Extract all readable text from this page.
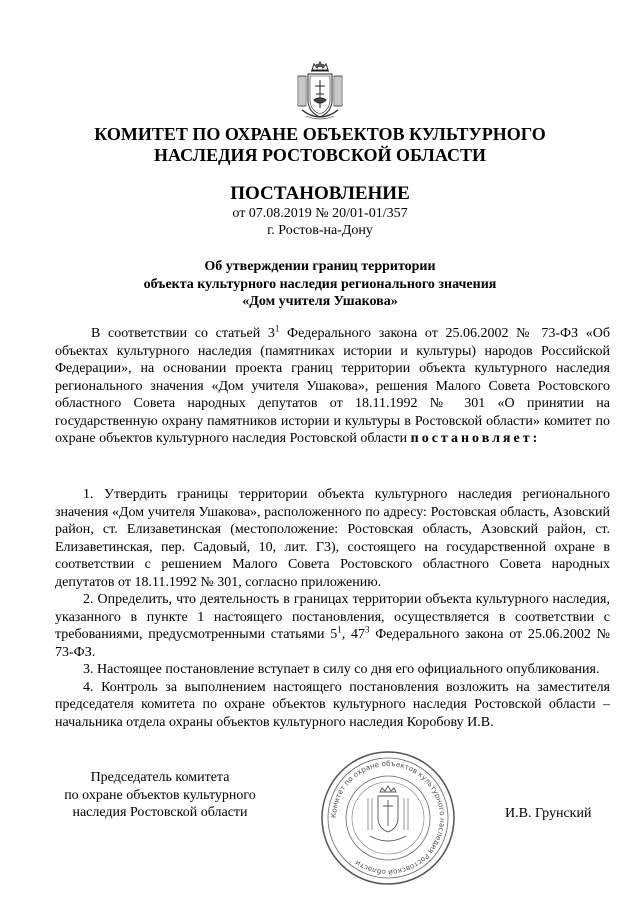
КОМИТЕТ ПО ОХРАНЕ ОБЪЕКТОВ КУЛЬТУРНОГО
НАСЛЕДИЯ РОСТОВСКОЙ ОБЛАСТИ
ПОСТАНОВЛЕНИЕ
от 07.08.2019 № 20/01-01/357
г. Ростов-на-Дону
Об утверждении границ территории
объекта культурного наследия регионального значения
«Дом учителя Ушакова»
В соответствии со статьей $3^1$ Федерального закона от 25.06.2002 № 73-ФЗ «Об объектах культурного наследия (памятниках истории и культуры) народов Российской Федерации», на основании проекта границ территории объекта культурного наследия регионального значения «Дом учителя Ушакова», решения Малого Совета Ростовского областного Совета народных депутатов от 18.11.1992 № 301 «О принятии на государственную охрану памятников истории и культуры в Ростовской области» комитет по охране объектов культурного наследия Ростовской области постановляет:

1. Утвердить границы территории объекта культурного наследия регионального значения «Дом учителя Ушакова», расположенного по адресу: Ростовская область, Азовский район, ст. Елизаветинская (местоположение: Ростовская область, Азовский район, ст. Елизаветинская, пер. Садовый, 10, лит. Г3), состоящего на государственной охране в соответствии с решением Малого Совета Ростовского областного Совета народных депутатов от 18.11.1992 № 301, согласно приложению.

2. Определить, что деятельность в границах территории объекта культурного наследия, указанного в пункте 1 настоящего постановления, осуществляется в соответствии с требованиями, предусмотренными статьями $5^1$, $47^3$ Федерального закона от 25.06.2002 № 73-ФЗ.

3. Настоящее постановление вступает в силу со дня его официального опубликования.

4. Контроль за выполнением настоящего постановления возложить на заместителя председателя комитета по охране объектов культурного наследия Ростовской области – начальника отдела охраны объектов культурного наследия Коробову И.В.

Председатель комитета
по охране объектов культурного
наследия Ростовской области	Комитет по охране объектов культурного наследия Ростовской области
И.В. Грунский
